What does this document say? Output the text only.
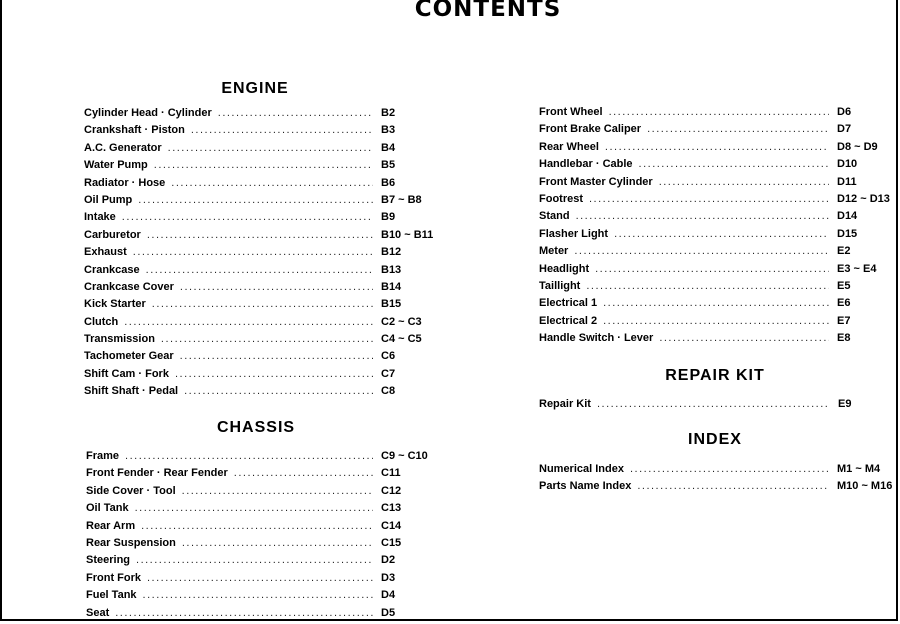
CONTENTS
ENGINE
Cylinder Head · Cylinder .....	B2
Crankshaft · Piston .....	B3
A.C. Generator .....	B4
Water Pump .....	B5
Radiator · Hose .....	B6
Oil Pump .....	B7 ~ B8
Intake .....	B9
Carburetor .....	B10 ~ B11
Exhaust .....	B12
Crankcase .....	B13
Crankcase Cover .....	B14
Kick Starter .....	B15
Clutch .....	C2 ~ C3
Transmission .....	C4 ~ C5
Tachometer Gear .....	C6
Shift Cam · Fork .....	C7
Shift Shaft · Pedal .....	C8
CHASSIS
Frame .....	C9 ~ C10
Front Fender · Rear Fender .....	C11
Side Cover · Tool .....	C12
Oil Tank .....	C13
Rear Arm .....	C14
Rear Suspension .....	C15
Steering .....	D2
Front Fork .....	D3
Fuel Tank .....	D4
Seat .....	D5
Front Wheel .....	D6
Front Brake Caliper .....	D7
Rear Wheel .....	D8 ~ D9
Handlebar · Cable .....	D10
Front Master Cylinder .....	D11
Footrest .....	D12 ~ D13
Stand .....	D14
Flasher Light .....	D15
Meter .....	E2
Headlight .....	E3 ~ E4
Taillight .....	E5
Electrical 1 .....	E6
Electrical 2 .....	E7
Handle Switch · Lever .....	E8
REPAIR KIT
Repair Kit .....	E9
INDEX
Numerical Index .....	M1 ~ M4
Parts Name Index .....	M10 ~ M16
